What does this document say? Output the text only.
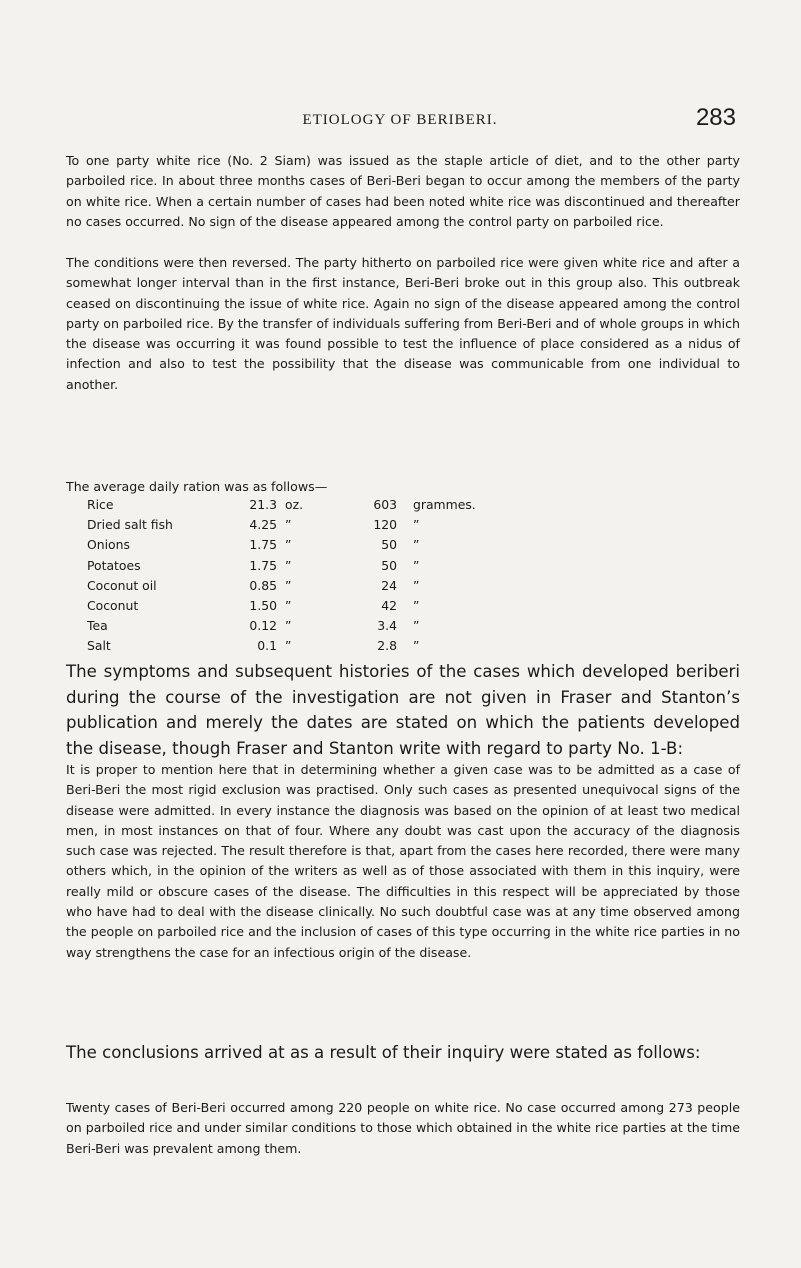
ETIOLOGY OF BERIBERI.	283

To one party white rice (No. 2 Siam) was issued as the staple article of diet, and to the other party parboiled rice. In about three months cases of Beri-Beri began to occur among the members of the party on white rice. When a certain number of cases had been noted white rice was discontinued and thereafter no cases occurred. No sign of the disease appeared among the control party on parboiled rice.

The conditions were then reversed. The party hitherto on parboiled rice were given white rice and after a somewhat longer interval than in the first instance, Beri-Beri broke out in this group also. This outbreak ceased on discontinuing the issue of white rice. Again no sign of the disease appeared among the control party on parboiled rice. By the transfer of individuals suffering from Beri-Beri and of whole groups in which the disease was occurring it was found possible to test the influence of place considered as a nidus of infection and also to test the possibility that the disease was communicable from one individual to another.

The average daily ration was as follows—

Rice	21.3	oz.	603	grammes.
Dried salt fish	4.25	”	120	”
Onions	1.75	”	50	”
Potatoes	1.75	”	50	”
Coconut oil	0.85	”	24	”
Coconut	1.50	”	42	”
Tea	0.12	”	3.4	”
Salt	0.1	”	2.8	”

The symptoms and subsequent histories of the cases which developed beriberi during the course of the investigation are not given in Fraser and Stanton’s publication and merely the dates are stated on which the patients developed the disease, though Fraser and Stanton write with regard to party No. 1-B:

It is proper to mention here that in determining whether a given case was to be admitted as a case of Beri-Beri the most rigid exclusion was practised. Only such cases as presented unequivocal signs of the disease were admitted. In every instance the diagnosis was based on the opinion of at least two medical men, in most instances on that of four. Where any doubt was cast upon the accuracy of the diagnosis such case was rejected. The result therefore is that, apart from the cases here recorded, there were many others which, in the opinion of the writers as well as of those associated with them in this inquiry, were really mild or obscure cases of the disease. The difficulties in this respect will be appreciated by those who have had to deal with the disease clinically. No such doubtful case was at any time observed among the people on parboiled rice and the inclusion of cases of this type occurring in the white rice parties in no way strengthens the case for an infectious origin of the disease.

The conclusions arrived at as a result of their inquiry were stated as follows:

Twenty cases of Beri-Beri occurred among 220 people on white rice. No case occurred among 273 people on parboiled rice and under similar conditions to those which obtained in the white rice parties at the time Beri-Beri was prevalent among them.
